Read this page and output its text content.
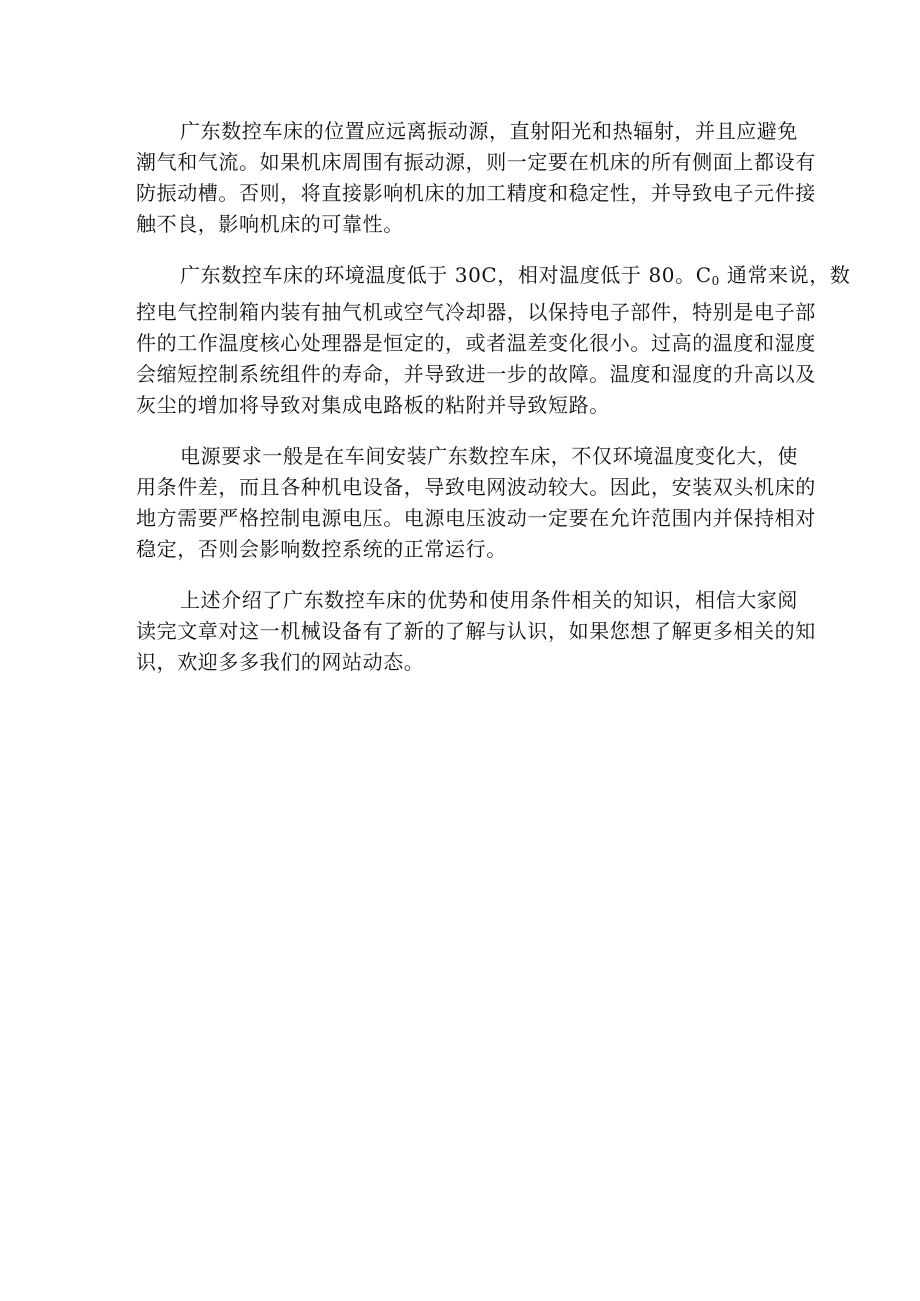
广东数控车床的位置应远离振动源，直射阳光和热辐射，并且应避免
潮气和气流。如果机床周围有振动源，则一定要在机床的所有侧面上都设有
防振动槽。否则，将直接影响机床的加工精度和稳定性，并导致电子元件接
触不良，影响机床的可靠性。

广东数控车床的环境温度低于 30C，相对温度低于 80。$C_0$ 通常来说，数
控电气控制箱内装有抽气机或空气冷却器，以保持电子部件，特别是电子部
件的工作温度核心处理器是恒定的，或者温差变化很小。过高的温度和湿度
会缩短控制系统组件的寿命，并导致进一步的故障。温度和湿度的升高以及
灰尘的增加将导致对集成电路板的粘附并导致短路。

电源要求一般是在车间安装广东数控车床，不仅环境温度变化大，使
用条件差，而且各种机电设备，导致电网波动较大。因此，安装双头机床的
地方需要严格控制电源电压。电源电压波动一定要在允许范围内并保持相对
稳定，否则会影响数控系统的正常运行。

上述介绍了广东数控车床的优势和使用条件相关的知识，相信大家阅
读完文章对这一机械设备有了新的了解与认识，如果您想了解更多相关的知
识，欢迎多多我们的网站动态。
